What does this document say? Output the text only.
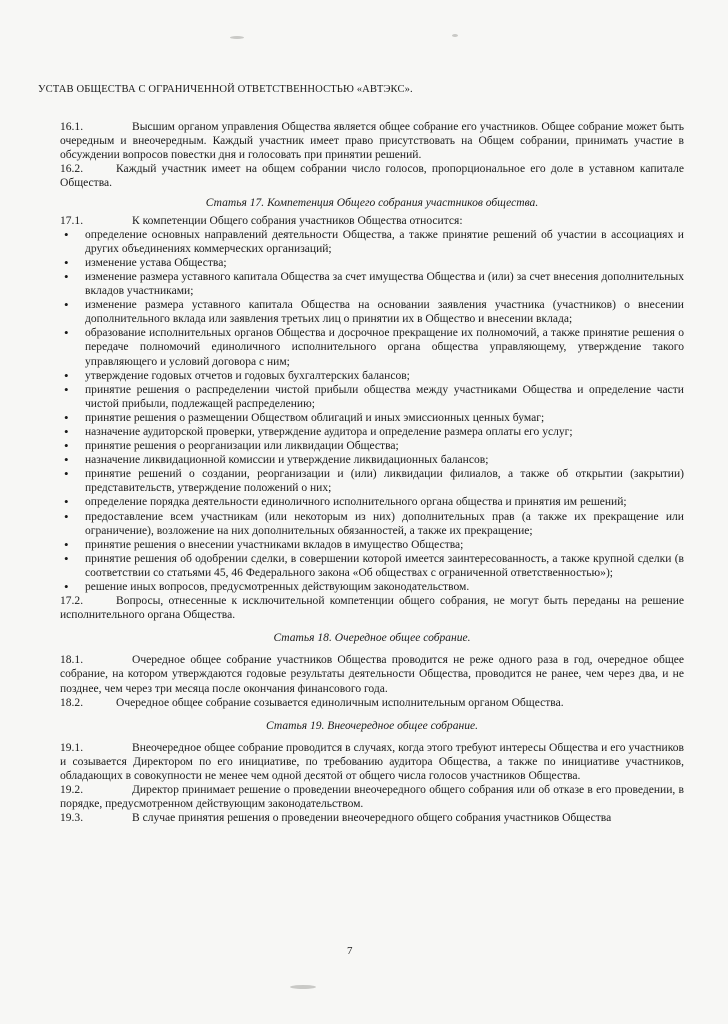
УСТАВ ОБЩЕСТВА С ОГРАНИЧЕННОЙ ОТВЕТСТВЕННОСТЬЮ «АВТЭКС».

16.1.	Высшим органом управления Общества является общее собрание его участников. Общее собрание может быть очередным и внеочередным. Каждый участник имеет право присутствовать на Общем собрании, принимать участие в обсуждении вопросов повестки дня и голосовать при принятии решений.

16.2.	Каждый участник имеет на общем собрании число голосов, пропорциональное его доле в уставном капитале Общества.

Статья 17. Компетенция Общего собрания участников общества.

17.1.	К компетенции Общего собрания участников Общества относится:

• определение основных направлений деятельности Общества, а также принятие решений об участии в ассоциациях и других объединениях коммерческих организаций;
• изменение устава Общества;
• изменение размера уставного капитала Общества за счет имущества Общества и (или) за счет внесения дополнительных вкладов участниками;
• изменение размера уставного капитала Общества на основании заявления участника (участников) о внесении дополнительного вклада или заявления третьих лиц о принятии их в Общество и внесении вклада;
• образование исполнительных органов Общества и досрочное прекращение их полномочий, а также принятие решения о передаче полномочий единоличного исполнительного органа общества управляющему, утверждение такого управляющего и условий договора с ним;
• утверждение годовых отчетов и годовых бухгалтерских балансов;
• принятие решения о распределении чистой прибыли общества между участниками Общества и определение части чистой прибыли, подлежащей распределению;
• принятие решения о размещении Обществом облигаций и иных эмиссионных ценных бумаг;
• назначение аудиторской проверки, утверждение аудитора и определение размера оплаты его услуг;
• принятие решения о реорганизации или ликвидации Общества;
• назначение ликвидационной комиссии и утверждение ликвидационных балансов;
• принятие решений о создании, реорганизации и (или) ликвидации филиалов, а также об открытии (закрытии) представительств, утверждение положений о них;
• определение порядка деятельности единоличного исполнительного органа общества и принятия им решений;
• предоставление всем участникам (или некоторым из них) дополнительных прав (а также их прекращение или ограничение), возложение на них дополнительных обязанностей, а также их прекращение;
• принятие решения о внесении участниками вкладов в имущество Общества;
• принятие решения об одобрении сделки, в совершении которой имеется заинтересованность, а также крупной сделки (в соответствии со статьями 45, 46 Федерального закона «Об обществах с ограниченной ответственностью»);
• решение иных вопросов, предусмотренных действующим законодательством.

17.2.	Вопросы, отнесенные к исключительной компетенции общего собрания, не могут быть переданы на решение исполнительного органа Общества.

Статья 18. Очередное общее собрание.

18.1.	Очередное общее собрание участников Общества проводится не реже одного раза в год, очередное общее собрание, на котором утверждаются годовые результаты деятельности Общества, проводится не ранее, чем через два, и не позднее, чем через три месяца после окончания финансового года.

18.2.	Очередное общее собрание созывается единоличным исполнительным органом Общества.

Статья 19. Внеочередное общее собрание.

19.1.	Внеочередное общее собрание проводится в случаях, когда этого требуют интересы Общества и его участников и созывается Директором по его инициативе, по требованию аудитора Общества, а также по инициативе участников, обладающих в совокупности не менее чем одной десятой от общего числа голосов участников Общества.

19.2.	Директор принимает решение о проведении внеочередного общего собрания или об отказе в его проведении, в порядке, предусмотренном действующим законодательством.

19.3.	В случае принятия решения о проведении внеочередного общего собрания участников Общества

7
